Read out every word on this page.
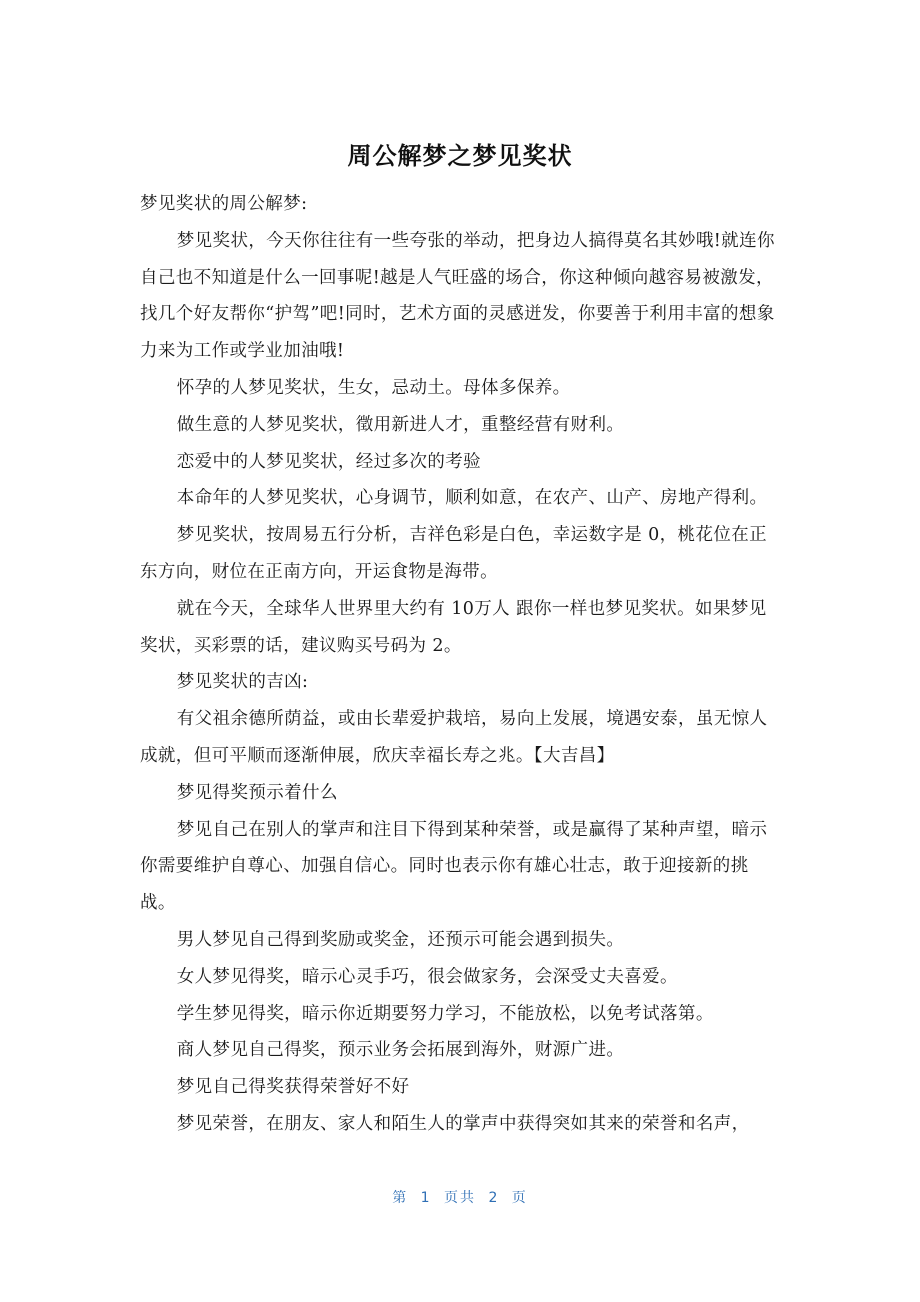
周公解梦之梦见奖状

梦见奖状的周公解梦:

梦见奖状，今天你往往有一些夸张的举动，把身边人搞得莫名其妙哦!就连你自己也不知道是什么一回事呢!越是人气旺盛的场合，你这种倾向越容易被激发，找几个好友帮你“护驾”吧!同时，艺术方面的灵感迸发，你要善于利用丰富的想象力来为工作或学业加油哦!

怀孕的人梦见奖状，生女，忌动土。母体多保养。

做生意的人梦见奖状，徵用新进人才，重整经营有财利。

恋爱中的人梦见奖状，经过多次的考验

本命年的人梦见奖状，心身调节，顺利如意，在农产、山产、房地产得利。

梦见奖状，按周易五行分析，吉祥色彩是白色，幸运数字是 0，桃花位在正东方向，财位在正南方向，开运食物是海带。

就在今天，全球华人世界里大约有 10万人 跟你一样也梦见奖状。如果梦见奖状，买彩票的话，建议购买号码为 2。

梦见奖状的吉凶:

有父祖余德所荫益，或由长辈爱护栽培，易向上发展，境遇安泰，虽无惊人成就，但可平顺而逐渐伸展，欣庆幸福长寿之兆。【大吉昌】

梦见得奖预示着什么

梦见自己在别人的掌声和注目下得到某种荣誉，或是赢得了某种声望，暗示你需要维护自尊心、加强自信心。同时也表示你有雄心壮志，敢于迎接新的挑战。

男人梦见自己得到奖励或奖金，还预示可能会遇到损失。

女人梦见得奖，暗示心灵手巧，很会做家务，会深受丈夫喜爱。

学生梦见得奖，暗示你近期要努力学习，不能放松，以免考试落第。

商人梦见自己得奖，预示业务会拓展到海外，财源广进。

梦见自己得奖获得荣誉好不好

梦见荣誉，在朋友、家人和陌生人的掌声中获得突如其来的荣誉和名声，

第 1 页共 2 页
